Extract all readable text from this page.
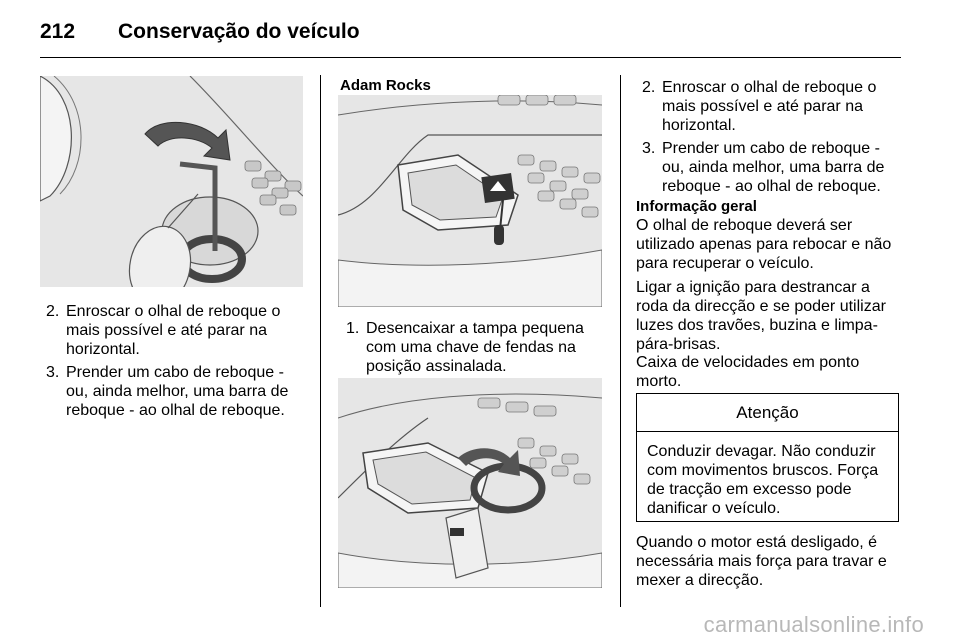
212 Conservação do veículo
2. Enroscar o olhal de reboque o mais possível e até parar na horizontal.
3. Prender um cabo de reboque - ou, ainda melhor, uma barra de reboque - ao olhal de reboque.
Adam Rocks
1. Desencaixar a tampa pequena com uma chave de fendas na posição assinalada.
2. Enroscar o olhal de reboque o mais possível e até parar na horizontal.
3. Prender um cabo de reboque - ou, ainda melhor, uma barra de reboque - ao olhal de reboque.
Informação geral
O olhal de reboque deverá ser utilizado apenas para rebocar e não para recuperar o veículo.
Ligar a ignição para destrancar a roda da direcção e se poder utilizar luzes dos travões, buzina e limpa-pára-brisas.
Caixa de velocidades em ponto morto.
Atenção
Conduzir devagar. Não conduzir com movimentos bruscos. Força de tracção em excesso pode danificar o veículo.
Quando o motor está desligado, é necessária mais força para travar e mexer a direcção.
carmanualsonline.info
